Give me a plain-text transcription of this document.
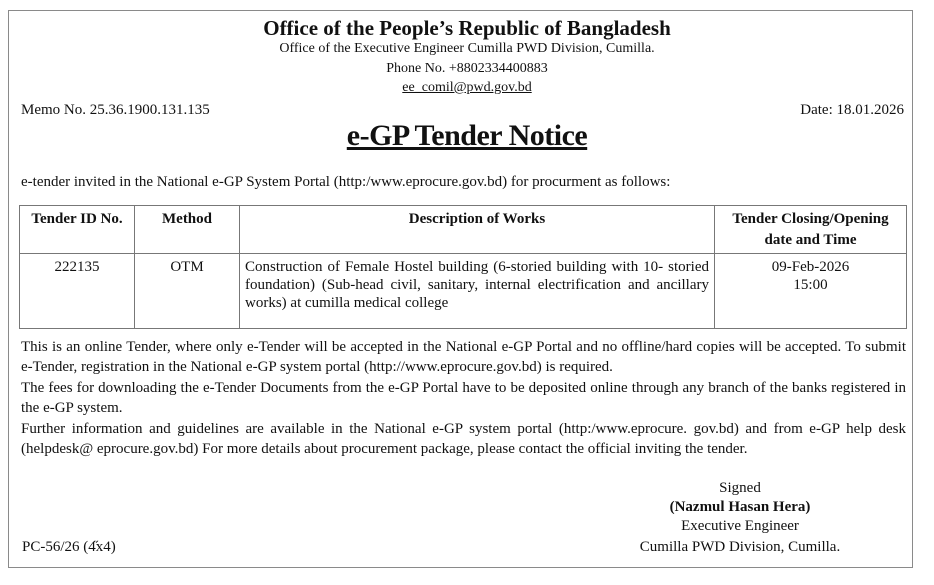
Office of the People’s Republic of Bangladesh
Office of the Executive Engineer Cumilla PWD Division, Cumilla.
Phone No. +8802334400883
ee_comil@pwd.gov.bd
Memo No. 25.36.1900.131.135	Date: 18.01.2026
e-GP Tender Notice
e-tender invited in the National e-GP System Portal (http:/www.eprocure.gov.bd) for procurment as follows:
Tender ID No.	Method	Description of Works	Tender Closing/Opening date and Time
222135	OTM	Construction of Female Hostel building (6-storied building with 10- storied foundation) (Sub-head civil, sanitary, internal electrification and ancillary works) at cumilla medical college	09-Feb-2026
15:00
This is an online Tender, where only e-Tender will be accepted in the National e-GP Portal and no offline/hard copies will be accepted. To submit e-Tender, registration in the National e-GP system portal (http://www.eprocure.gov.bd) is required.
The fees for downloading the e-Tender Documents from the e-GP Portal have to be deposited online through any branch of the banks registered in the e-GP system.
Further information and guidelines are available in the National e-GP system portal (http:/www.eprocure. gov.bd) and from e-GP help desk (helpdesk@ eprocure.gov.bd) For more details about procurement package, please contact the official inviting the tender.
Signed
(Nazmul Hasan Hera)
Executive Engineer
Cumilla PWD Division, Cumilla.
PC-56/26 (4̋x4)
